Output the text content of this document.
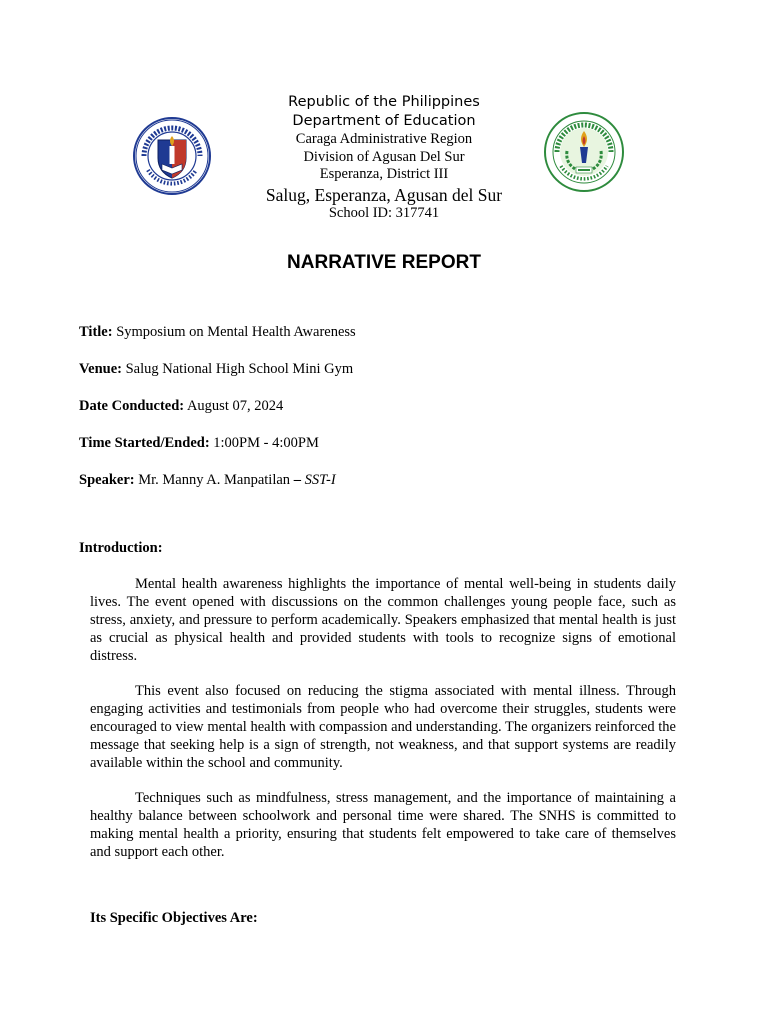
Republic of the Philippines
Department of Education
Caraga Administrative Region
Division of Agusan Del Sur
Esperanza, District III
Salug, Esperanza, Agusan del Sur
School ID: 317741
NARRATIVE REPORT
Title: Symposium on Mental Health Awareness
Venue: Salug National High School Mini Gym
Date Conducted: August 07, 2024
Time Started/Ended: 1:00PM - 4:00PM
Speaker: Mr. Manny A. Manpatilan – SST-I
Introduction:

Mental health awareness highlights the importance of mental well-being in students daily lives. The event opened with discussions on the common challenges young people face, such as stress, anxiety, and pressure to perform academically. Speakers emphasized that mental health is just as crucial as physical health and provided students with tools to recognize signs of emotional distress.

This event also focused on reducing the stigma associated with mental illness. Through engaging activities and testimonials from people who had overcome their struggles, students were encouraged to view mental health with compassion and understanding. The organizers reinforced the message that seeking help is a sign of strength, not weakness, and that support systems are readily available within the school and community.

Techniques such as mindfulness, stress management, and the importance of maintaining a healthy balance between schoolwork and personal time were shared. The SNHS is committed to making mental health a priority, ensuring that students felt empowered to take care of themselves and support each other.

Its Specific Objectives Are:
